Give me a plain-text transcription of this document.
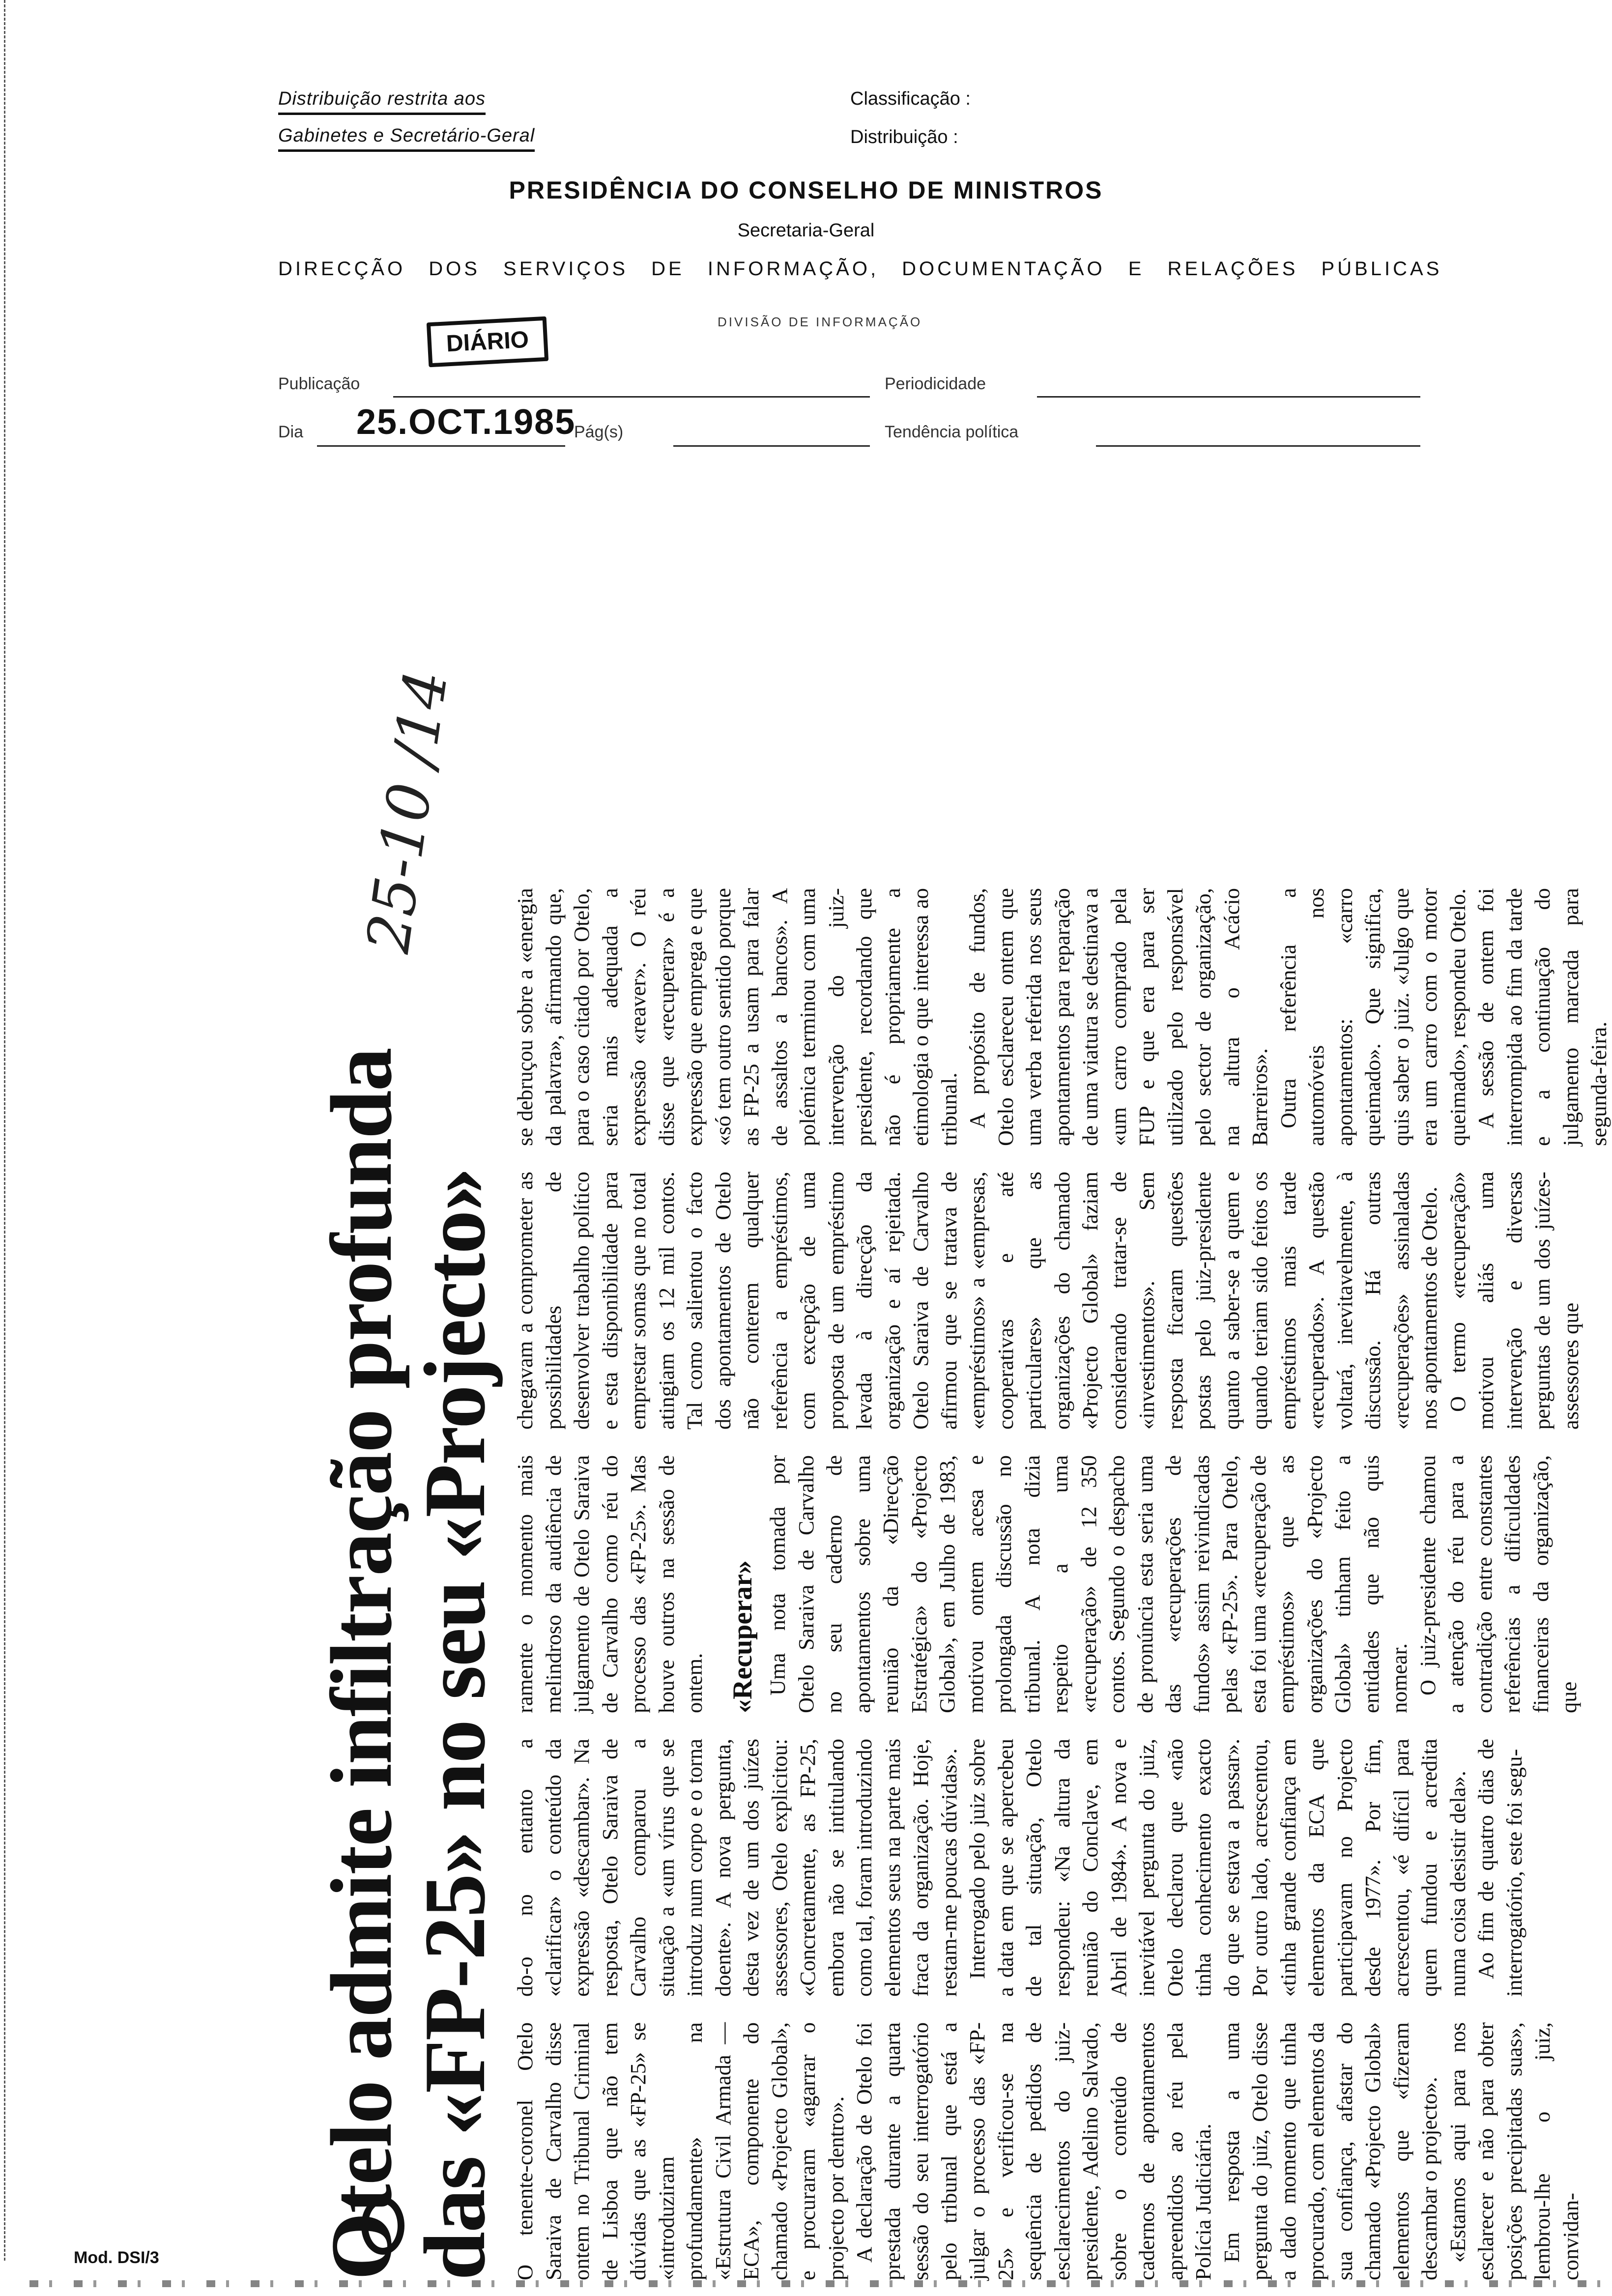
Distribuição restrita aos
Gabinetes e Secretário-Geral
Classificação :
Distribuição :
PRESIDÊNCIA DO CONSELHO DE MINISTROS
Secretaria-Geral
DIRECÇÃO DOS SERVIÇOS DE INFORMAÇÃO, DOCUMENTAÇÃO E RELAÇÕES PÚBLICAS
DIÁRIO
DIVISÃO DE INFORMAÇÃO
Publicação	Periodicidade
Dia 25.OCT.1985
Pág(s)	Tendência política
Otelo admite infiltração profunda
das «FP-25» no seu «Projecto»
25-10 /14

O tenente-coronel Otelo Saraiva de Carvalho disse ontem no Tribunal Criminal de Lisboa que não tem dúvidas que as «FP-25» se «introduziram profundamente» na «Estrutura Civil Armada — ECA», componente do chamado «Projecto Global», e procuraram «agarrar o projecto por dentro». A declaração de Otelo foi prestada durante a quarta sessão do seu interrogatório pelo tribunal que está a julgar o processo das «FP-25» e verificou-se na sequência de pedidos de esclarecimentos do juiz-presidente, Adelino Salvado, sobre o conteúdo de cadernos de apontamentos apreendidos ao réu pela Polícia Judiciária. Em resposta a uma pergunta do juiz, Otelo disse a dado momento que tinha procurado, com elementos da sua confiança, afastar do chamado «Projecto Global» elementos que «fizeram descambar o projecto». «Estamos aqui para nos esclarecer e não para obter posições precipitadas suas», lembrou-lhe o juiz, convidan-

do-o no entanto a «clarificar» o conteúdo da expressão «descambar». Na resposta, Otelo Saraiva de Carvalho comparou a situação a «um vírus que se introduz num corpo e o torna doente». A nova pergunta, desta vez de um dos juízes assessores, Otelo explicitou: «Concretamente, as FP-25, embora não se intitulando como tal, foram introduzindo elementos seus na parte mais fraca da organização. Hoje, restam-me poucas dúvidas». Interrogado pelo juiz sobre a data em que se apercebeu de tal situação, Otelo respondeu: «Na altura da reunião do Conclave, em Abril de 1984». A nova e inevitável pergunta do juiz, Otelo declarou que «não tinha conhecimento exacto do que se estava a passar». Por outro lado, acrescentou, «tinha grande confiança em elementos da ECA que participavam no Projecto desde 1977». Por fim, acrescentou, «é difícil para quem fundou e acredita numa coisa desistir dela». Ao fim de quatro dias de interrogatório, este foi segu-

ramente o momento mais melindroso da audiência de julgamento de Otelo Saraiva de Carvalho como réu do processo das «FP-25». Mas houve outros na sessão de ontem. «Recuperar» Uma nota tomada por Otelo Saraiva de Carvalho no seu caderno de apontamentos sobre uma reunião da «Direcção Estratégica» do «Projecto Global», em Julho de 1983, motivou ontem acesa e prolongada discussão no tribunal. A nota dizia respeito a uma «recuperação» de 12 350 contos. Segundo o despacho de pronúncia esta seria uma das «recuperações de fundos» assim reivindicadas pelas «FP-25». Para Otelo, esta foi uma «recuperação de empréstimos» que as organizações do «Projecto Global» tinham feito a entidades que não quis nomear. O juiz-presidente chamou a atenção do réu para a contradição entre constantes referências a dificuldades financeiras da organização, que

chegavam a comprometer as possibilidades de desenvolver trabalho político e esta disponibilidade para emprestar somas que no total atingiam os 12 mil contos. Tal como salientou o facto dos apontamentos de Otelo não conterem qualquer referência a empréstimos, com excepção de uma proposta de um empréstimo levada à direcção da organização e aí rejeitada. Otelo Saraiva de Carvalho afirmou que se tratava de «empréstimos» a «empresas, cooperativas e até particulares» que as organizações do chamado «Projecto Global» faziam considerando tratar-se de «investimentos». Sem resposta ficaram questões postas pelo juiz-presidente quanto a saber-se a quem e quando teriam sido feitos os empréstimos mais tarde «recuperados». A questão voltará, inevitavelmente, à discussão. Há outras «recuperações» assinaladas nos apontamentos de Otelo. O termo «recuperação» motivou aliás uma intervenção e diversas perguntas de um dos juízes-assessores que

se debruçou sobre a «energia da palavra», afirmando que, para o caso citado por Otelo, seria mais adequada a expressão «reaver». O réu disse que «recuperar» é a expressão que emprega e que «só tem outro sentido porque as FP-25 a usam para falar de assaltos a bancos». A polémica terminou com uma intervenção do juiz-presidente, recordando que não é propriamente a etimologia o que interessa ao tribunal. A propósito de fundos, Otelo esclareceu ontem que uma verba referida nos seus apontamentos para reparação de uma viatura se destinava a «um carro comprado pela FUP e que era para ser utilizado pelo responsável pelo sector de organização, na altura o Acácio Barreiros». Outra referência a automóveis nos apontamentos: «carro queimado». Que significa, quis saber o juiz. «Julgo que era um carro com o motor queimado», respondeu Otelo. A sessão de ontem foi interrompida ao fim da tarde e a continuação do julgamento marcada para segunda-feira.

Mod. DSI/3
